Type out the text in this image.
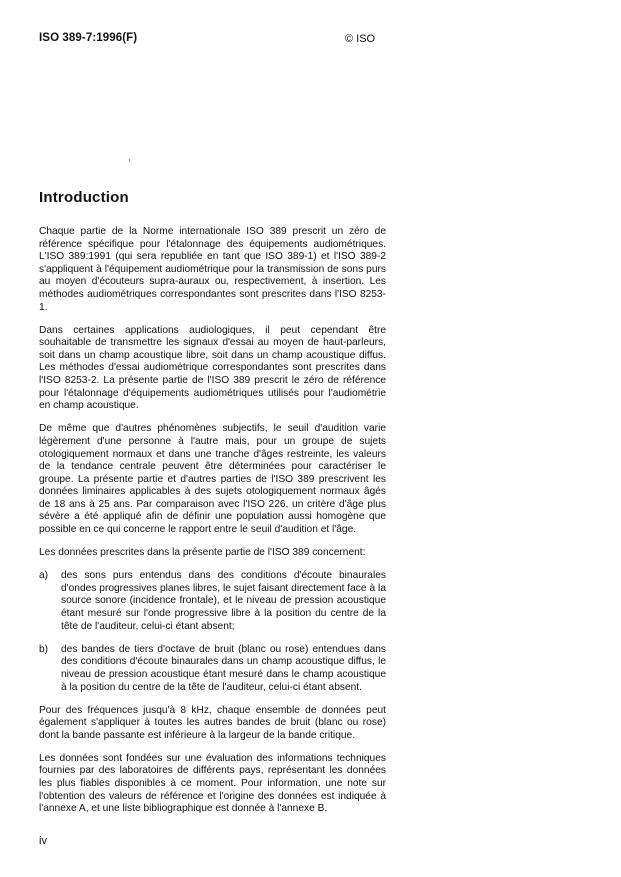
ISO 389-7:1996(F)	© ISO
Introduction

Chaque partie de la Norme internationale ISO 389 prescrit un zéro de référence spécifique pour l'étalonnage des équipements audiométriques. L'ISO 389:1991 (qui sera republiée en tant que ISO 389-1) et l'ISO 389-2 s'appliquent à l'équipement audiométrique pour la transmission de sons purs au moyen d'écouteurs supra-auraux ou, respectivement, à insertion. Les méthodes audiométriques correspondantes sont prescrites dans l'ISO 8253-1.

Dans certaines applications audiologiques, il peut cependant être souhaitable de transmettre les signaux d'essai au moyen de haut-parleurs, soit dans un champ acoustique libre, soit dans un champ acoustique diffus. Les méthodes d'essai audiométrique correspondantes sont prescrites dans l'ISO 8253-2. La présente partie de l'ISO 389 prescrit le zéro de référence pour l'étalonnage d'équipements audiométriques utilisés pour l'audiométrie en champ acoustique.

De même que d'autres phénomènes subjectifs, le seuil d'audition varie légèrement d'une personne à l'autre mais, pour un groupe de sujets otologiquement normaux et dans une tranche d'âges restreinte, les valeurs de la tendance centrale peuvent être déterminées pour caractériser le groupe. La présente partie et d'autres parties de l'ISO 389 prescrivent les données liminaires applicables à des sujets otologiquement normaux âgés de 18 ans à 25 ans. Par comparaison avec l'ISO 226, un critère d'âge plus sévère a été appliqué afin de définir une population aussi homogène que possible en ce qui concerne le rapport entre le seuil d'audition et l'âge.

Les données prescrites dans la présente partie de l'ISO 389 concernent:

a)	des sons purs entendus dans des conditions d'écoute binaurales d'ondes progressives planes libres, le sujet faisant directement face à la source sonore (incidence frontale), et le niveau de pression acoustique étant mesuré sur l'onde progressive libre à la position du centre de la tête de l'auditeur, celui-ci étant absent;
b)	des bandes de tiers d'octave de bruit (blanc ou rose) entendues dans des conditions d'écoute binaurales dans un champ acoustique diffus, le niveau de pression acoustique étant mesuré dans le champ acoustique à la position du centre de la tête de l'auditeur, celui-ci étant absent.

Pour des fréquences jusqu'à 8 kHz, chaque ensemble de données peut également s'appliquer à toutes les autres bandes de bruit (blanc ou rose) dont la bande passante est inférieure à la largeur de la bande critique.

Les données sont fondées sur une évaluation des informations techniques fournies par des laboratoires de différents pays, représentant les données les plus fiables disponibles à ce moment. Pour information, une note sur l'obtention des valeurs de référence et l'origine des données est indiquée à l'annexe A, et une liste bibliographique est donnée à l'annexe B.

iv
